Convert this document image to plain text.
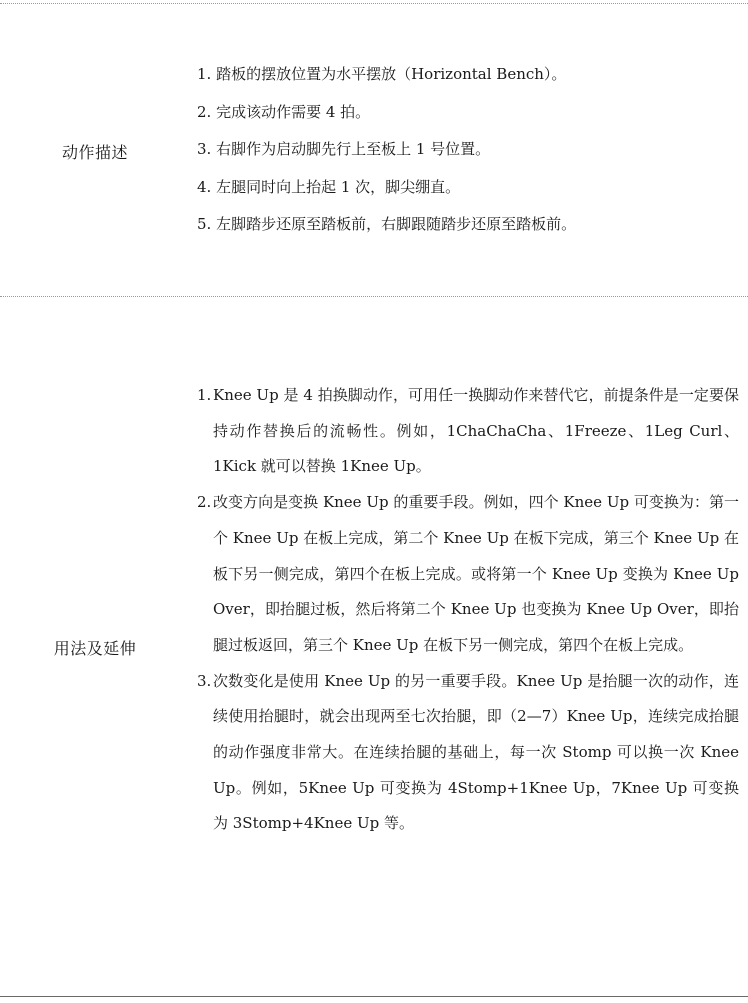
动作描述
1. 踏板的摆放位置为水平摆放（Horizontal Bench）。
2. 完成该动作需要 4 拍。
3. 右脚作为启动脚先行上至板上 1 号位置。
4. 左腿同时向上抬起 1 次，脚尖绷直。
5. 左脚踏步还原至踏板前，右脚跟随踏步还原至踏板前。
用法及延伸
1. Knee Up 是 4 拍换脚动作，可用任一换脚动作来替代它，前提条件是一定要保持动作替换后的流畅性。例如，1ChaChaCha、1Freeze、1Leg Curl、1Kick 就可以替换 1Knee Up。
2. 改变方向是变换 Knee Up 的重要手段。例如，四个 Knee Up 可变换为：第一个 Knee Up 在板上完成，第二个 Knee Up 在板下完成，第三个 Knee Up 在板下另一侧完成，第四个在板上完成。或将第一个 Knee Up 变换为 Knee Up Over，即抬腿过板，然后将第二个 Knee Up 也变换为 Knee Up Over，即抬腿过板返回，第三个 Knee Up 在板下另一侧完成，第四个在板上完成。
3. 次数变化是使用 Knee Up 的另一重要手段。Knee Up 是抬腿一次的动作，连续使用抬腿时，就会出现两至七次抬腿，即（2—7）Knee Up，连续完成抬腿的动作强度非常大。在连续抬腿的基础上，每一次 Stomp 可以换一次 Knee Up。例如，5Knee Up 可变换为 4Stomp+1Knee Up，7Knee Up 可变换为 3Stomp+4Knee Up 等。
